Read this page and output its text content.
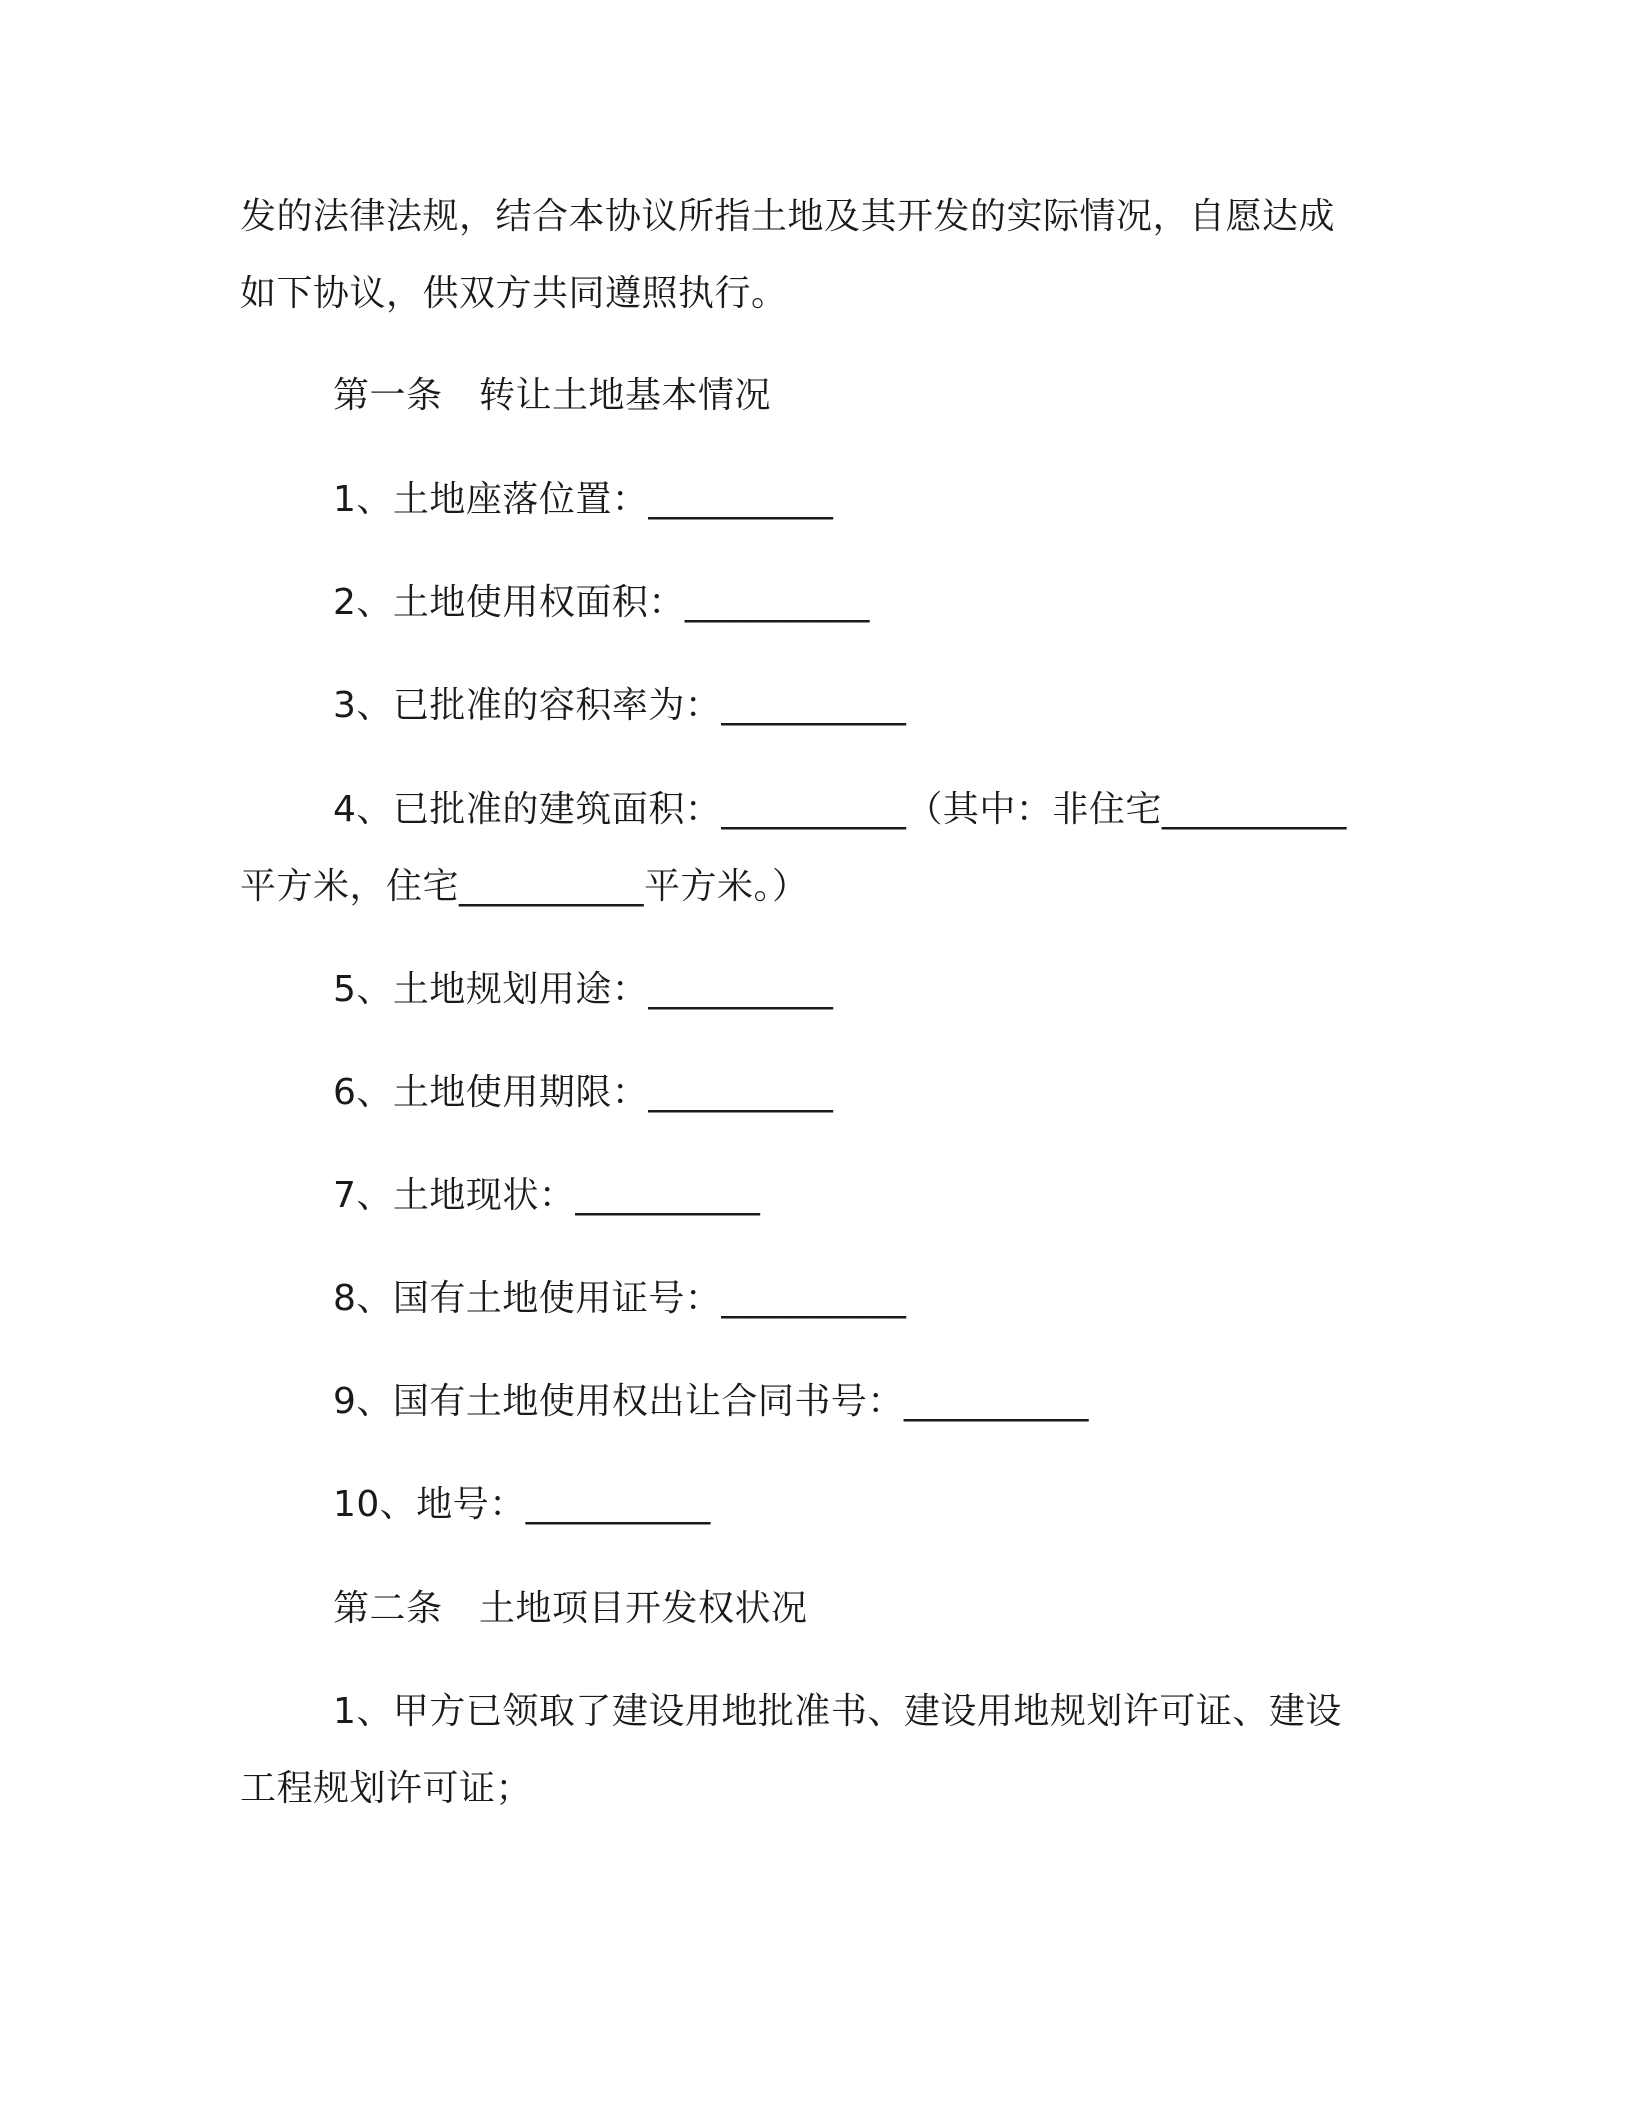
发的法律法规，结合本协议所指土地及其开发的实际情况，自愿达成
如下协议，供双方共同遵照执行。
第一条　转让土地基本情况
1、土地座落位置：__________
2、土地使用权面积：__________
3、已批准的容积率为：__________
4、已批准的建筑面积：__________（其中：非住宅__________
平方米，住宅__________平方米。）
5、土地规划用途：__________
6、土地使用期限：__________
7、土地现状：__________
8、国有土地使用证号：__________
9、国有土地使用权出让合同书号：__________
10、地号：__________
第二条　土地项目开发权状况
1、甲方已领取了建设用地批准书、建设用地规划许可证、建设
工程规划许可证；
